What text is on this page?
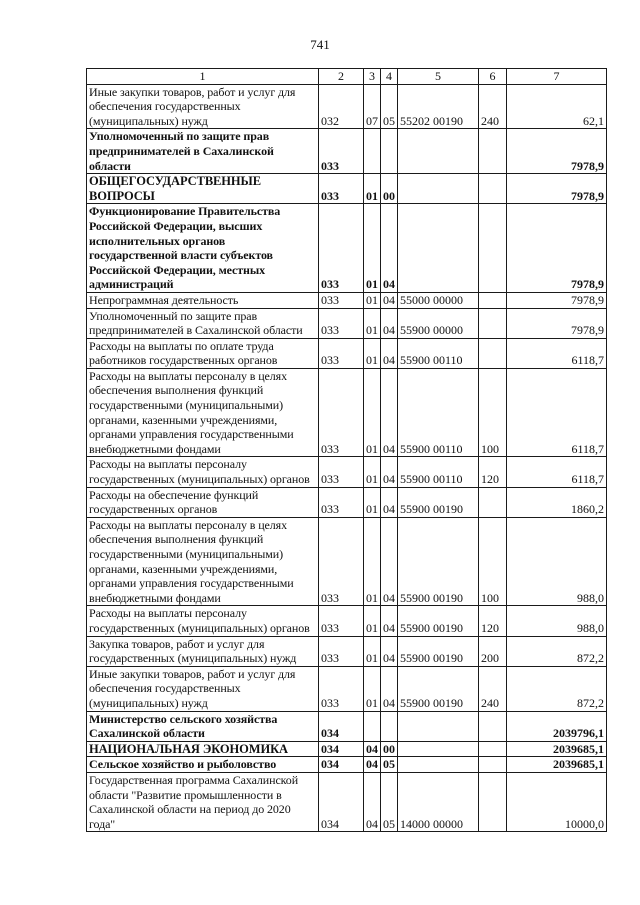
741
1	2	3	4	5	6	7
Иные закупки товаров, работ и услуг для обеспечения государственных (муниципальных) нужд	032	07	05	55202 00190	240	62,1
Уполномоченный по защите прав предпринимателей в Сахалинской области	033					7978,9
ОБЩЕГОСУДАРСТВЕННЫЕ ВОПРОСЫ	033	01	00			7978,9
Функционирование Правительства Российской Федерации, высших исполнительных органов государственной власти субъектов Российской Федерации, местных администраций	033	01	04			7978,9
Непрограммная деятельность	033	01	04	55000 00000		7978,9
Уполномоченный по защите прав предпринимателей в Сахалинской области	033	01	04	55900 00000		7978,9
Расходы на выплаты по оплате труда работников государственных органов	033	01	04	55900 00110		6118,7
Расходы на выплаты персоналу в целях обеспечения выполнения функций государственными (муниципальными) органами, казенными учреждениями, органами управления государственными внебюджетными фондами	033	01	04	55900 00110	100	6118,7
Расходы на выплаты персоналу государственных (муниципальных) органов	033	01	04	55900 00110	120	6118,7
Расходы на обеспечение функций государственных органов	033	01	04	55900 00190		1860,2
Расходы на выплаты персоналу в целях обеспечения выполнения функций государственными (муниципальными) органами, казенными учреждениями, органами управления государственными внебюджетными фондами	033	01	04	55900 00190	100	988,0
Расходы на выплаты персоналу государственных (муниципальных) органов	033	01	04	55900 00190	120	988,0
Закупка товаров, работ и услуг для государственных (муниципальных) нужд	033	01	04	55900 00190	200	872,2
Иные закупки товаров, работ и услуг для обеспечения государственных (муниципальных) нужд	033	01	04	55900 00190	240	872,2
Министерство сельского хозяйства Сахалинской области	034					2039796,1
НАЦИОНАЛЬНАЯ ЭКОНОМИКА	034	04	00			2039685,1
Сельское хозяйство и рыболовство	034	04	05			2039685,1
Государственная программа Сахалинской области "Развитие промышленности в Сахалинской области на период до 2020 года"	034	04	05	14000 00000		10000,0
